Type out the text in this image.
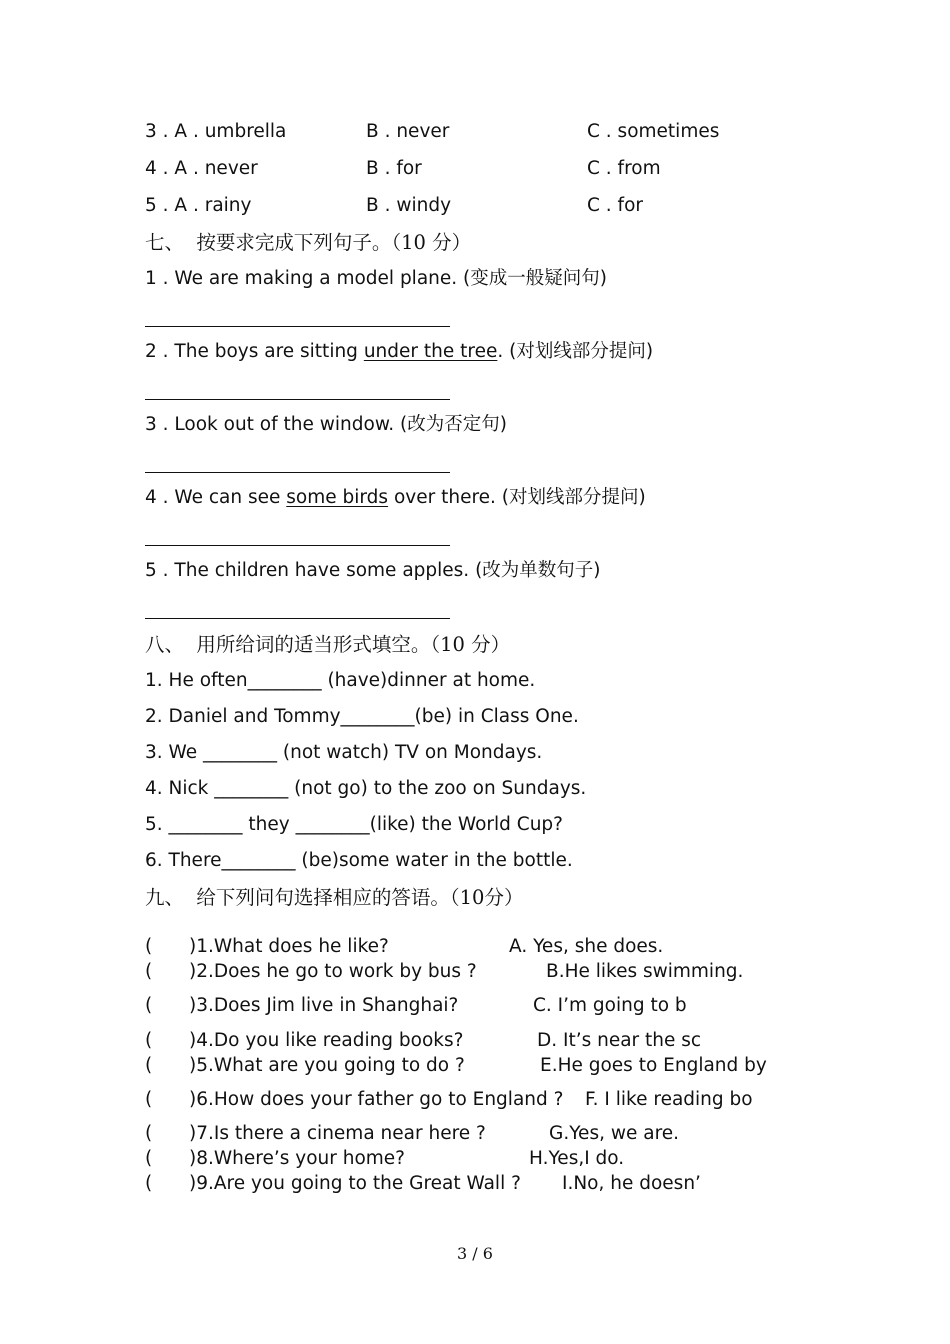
3 . A . umbrella	B . never	C . sometimes
4 . A . never	B . for	C . from
5 . A . rainy	B . windy	C . for
七、  按要求完成下列句子。（10 分）
1 . We are making a model plane. (变成一般疑问句)
2 . The boys are sitting under the tree. (对划线部分提问)
3 . Look out of the window. (改为否定句)
4 . We can see some birds over there. (对划线部分提问)
5 . The children have some apples. (改为单数句子)
八、  用所给词的适当形式填空。（10 分）
1. He often________ (have)dinner at home.
2. Daniel and Tommy________(be) in Class One.
3. We ________ (not watch) TV on Mondays.
4. Nick ________ (not go) to the zoo on Sundays.
5. ________ they ________(like) the World Cup?
6. There________ (be)some water in the bottle.
九、  给下列问句选择相应的答语。（10分）
( )1.What does he like?	A. Yes, she does.
( )2.Does he go to work by bus ?	B.He likes swimming.
( )3.Does Jim live in Shanghai?	C. I’m going to b
( )4.Do you like reading books?	D. It’s near the sc
( )5.What are you going to do ?	E.He goes to England by
( )6.How does your father go to England ? F. I like reading bo
( )7.Is there a cinema near here ?	G.Yes, we are.
( )8.Where’s your home?	H.Yes,I do.
( )9.Are you going to the Great Wall ? I.No, he doesn’
3 / 6
